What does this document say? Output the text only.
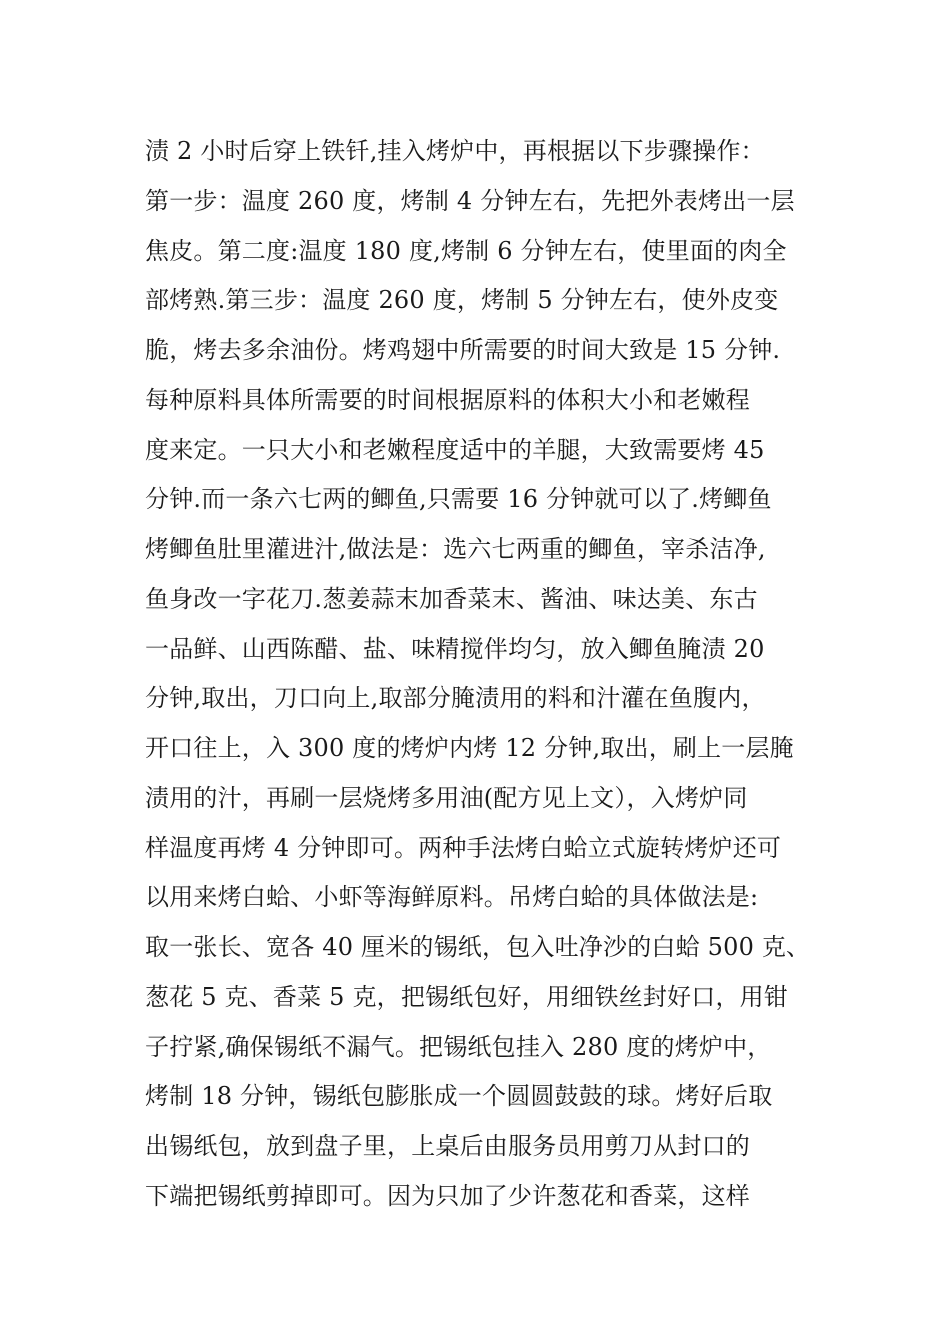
渍 2 小时后穿上铁钎,挂入烤炉中，再根据以下步骤操作：
第一步：温度 260 度，烤制 4 分钟左右，先把外表烤出一层
焦皮。第二度:温度 180 度,烤制 6 分钟左右，使里面的肉全
部烤熟.第三步：温度 260 度，烤制 5 分钟左右，使外皮变
脆，烤去多余油份。烤鸡翅中所需要的时间大致是 15 分钟.
每种原料具体所需要的时间根据原料的体积大小和老嫩程
度来定。一只大小和老嫩程度适中的羊腿，大致需要烤 45
分钟.而一条六七两的鲫鱼,只需要 16 分钟就可以了.烤鲫鱼
烤鲫鱼肚里灌进汁,做法是：选六七两重的鲫鱼，宰杀洁净,
鱼身改一字花刀.葱姜蒜末加香菜末、酱油、味达美、东古
一品鲜、山西陈醋、盐、味精搅伴均匀，放入鲫鱼腌渍 20
分钟,取出，刀口向上,取部分腌渍用的料和汁灌在鱼腹内，
开口往上，入 300 度的烤炉内烤 12 分钟,取出，刷上一层腌
渍用的汁，再刷一层烧烤多用油(配方见上文），入烤炉同
样温度再烤 4 分钟即可。两种手法烤白蛤立式旋转烤炉还可
以用来烤白蛤、小虾等海鲜原料。吊烤白蛤的具体做法是:
取一张长、宽各 40 厘米的锡纸，包入吐净沙的白蛤 500 克、
葱花 5 克、香菜 5 克，把锡纸包好，用细铁丝封好口，用钳
子拧紧,确保锡纸不漏气。把锡纸包挂入 280 度的烤炉中，
烤制 18 分钟，锡纸包膨胀成一个圆圆鼓鼓的球。烤好后取
出锡纸包，放到盘子里，上桌后由服务员用剪刀从封口的
下端把锡纸剪掉即可。因为只加了少许葱花和香菜，这样
